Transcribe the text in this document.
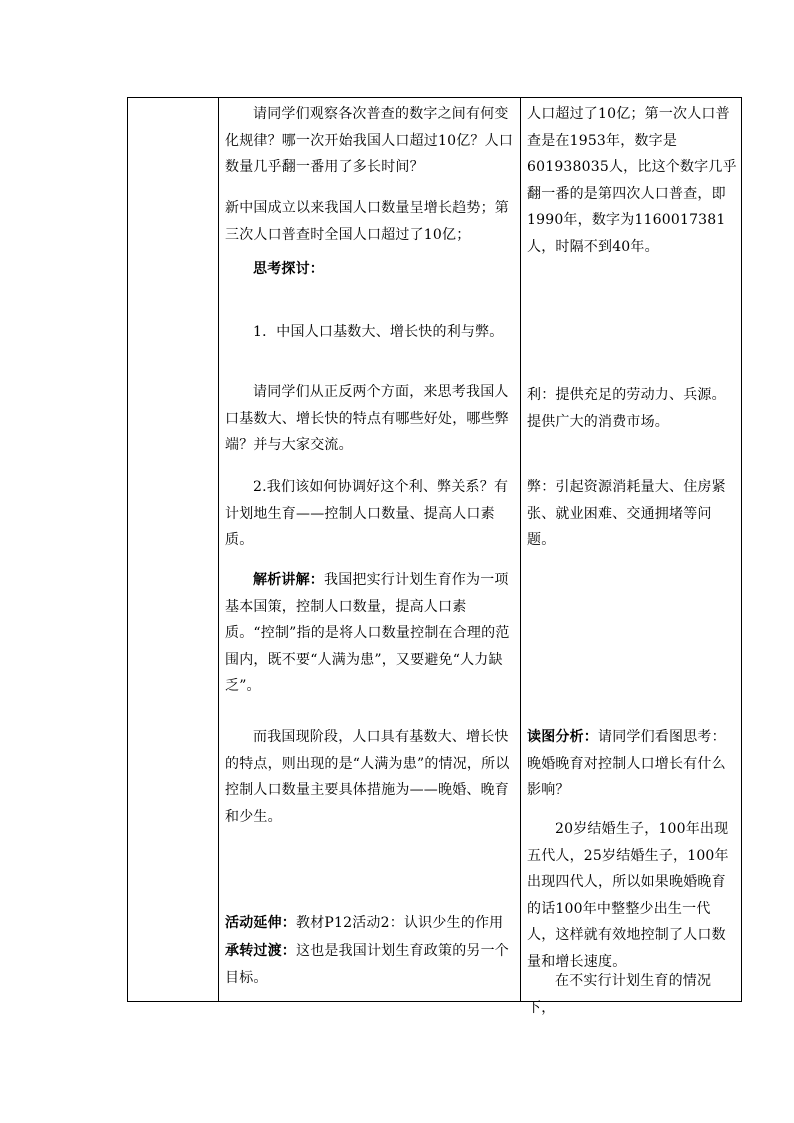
请同学们观察各次普查的数字之间有何变化规律？哪一次开始我国人口超过10亿？人口数量几乎翻一番用了多长时间？
新中国成立以来我国人口数量呈增长趋势；第三次人口普查时全国人口超过了10亿；
思考探讨：
1．中国人口基数大、增长快的利与弊。
请同学们从正反两个方面，来思考我国人口基数大、增长快的特点有哪些好处，哪些弊端？并与大家交流。
2.我们该如何协调好这个利、弊关系？有计划地生育——控制人口数量、提高人口素质。
解析讲解：我国把实行计划生育作为一项基本国策，控制人口数量，提高人口素质。“控制”指的是将人口数量控制在合理的范围内，既不要“人满为患”，又要避免“人力缺乏”。
而我国现阶段，人口具有基数大、增长快的特点，则出现的是“人满为患”的情况，所以控制人口数量主要具体措施为——晚婚、晚育和少生。
活动延伸：教材P12活动2：认识少生的作用
承转过渡：这也是我国计划生育政策的另一个目标。

人口超过了10亿；第一次人口普查是在1953年，数字是601938035人，比这个数字几乎翻一番的是第四次人口普查，即1990年，数字为1160017381人，时隔不到40年。
利：提供充足的劳动力、兵源。提供广大的消费市场。
弊：引起资源消耗量大、住房紧张、就业困难、交通拥堵等问题。
读图分析：请同学们看图思考：晚婚晚育对控制人口增长有什么影响？
20岁结婚生子，100年出现五代人，25岁结婚生子，100年出现四代人，所以如果晚婚晚育的话100年中整整少出生一代人，这样就有效地控制了人口数量和增长速度。
在不实行计划生育的情况下，
